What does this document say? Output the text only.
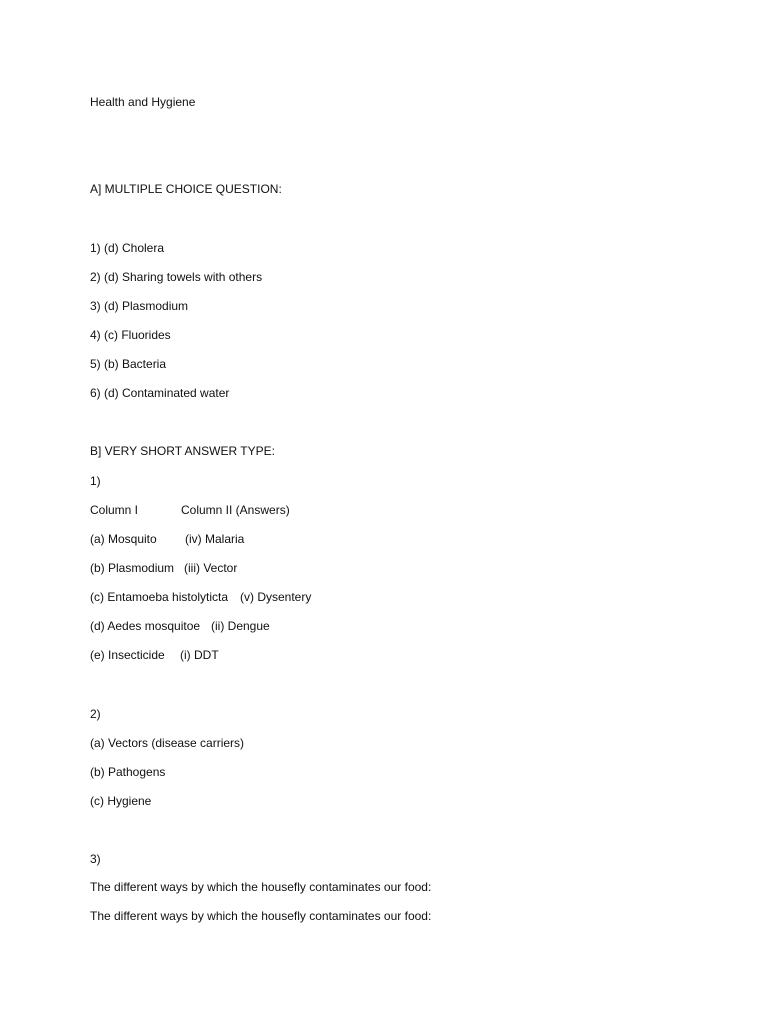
Health and Hygiene
A] MULTIPLE CHOICE QUESTION:
1) (d) Cholera
2) (d) Sharing towels with others
3) (d) Plasmodium
4) (c) Fluorides
5) (b) Bacteria
6) (d) Contaminated water
B] VERY SHORT ANSWER TYPE:
1)
Column I	Column II (Answers)
(a) Mosquito (iv) Malaria
(b) Plasmodium (iii) Vector
(c) Entamoeba histolyticta (v) Dysentery
(d) Aedes mosquitoe (ii) Dengue
(e) Insecticide (i) DDT
2)
(a) Vectors (disease carriers)
(b) Pathogens
(c) Hygiene
3)
The different ways by which the housefly contaminates our food:
The different ways by which the housefly contaminates our food:
